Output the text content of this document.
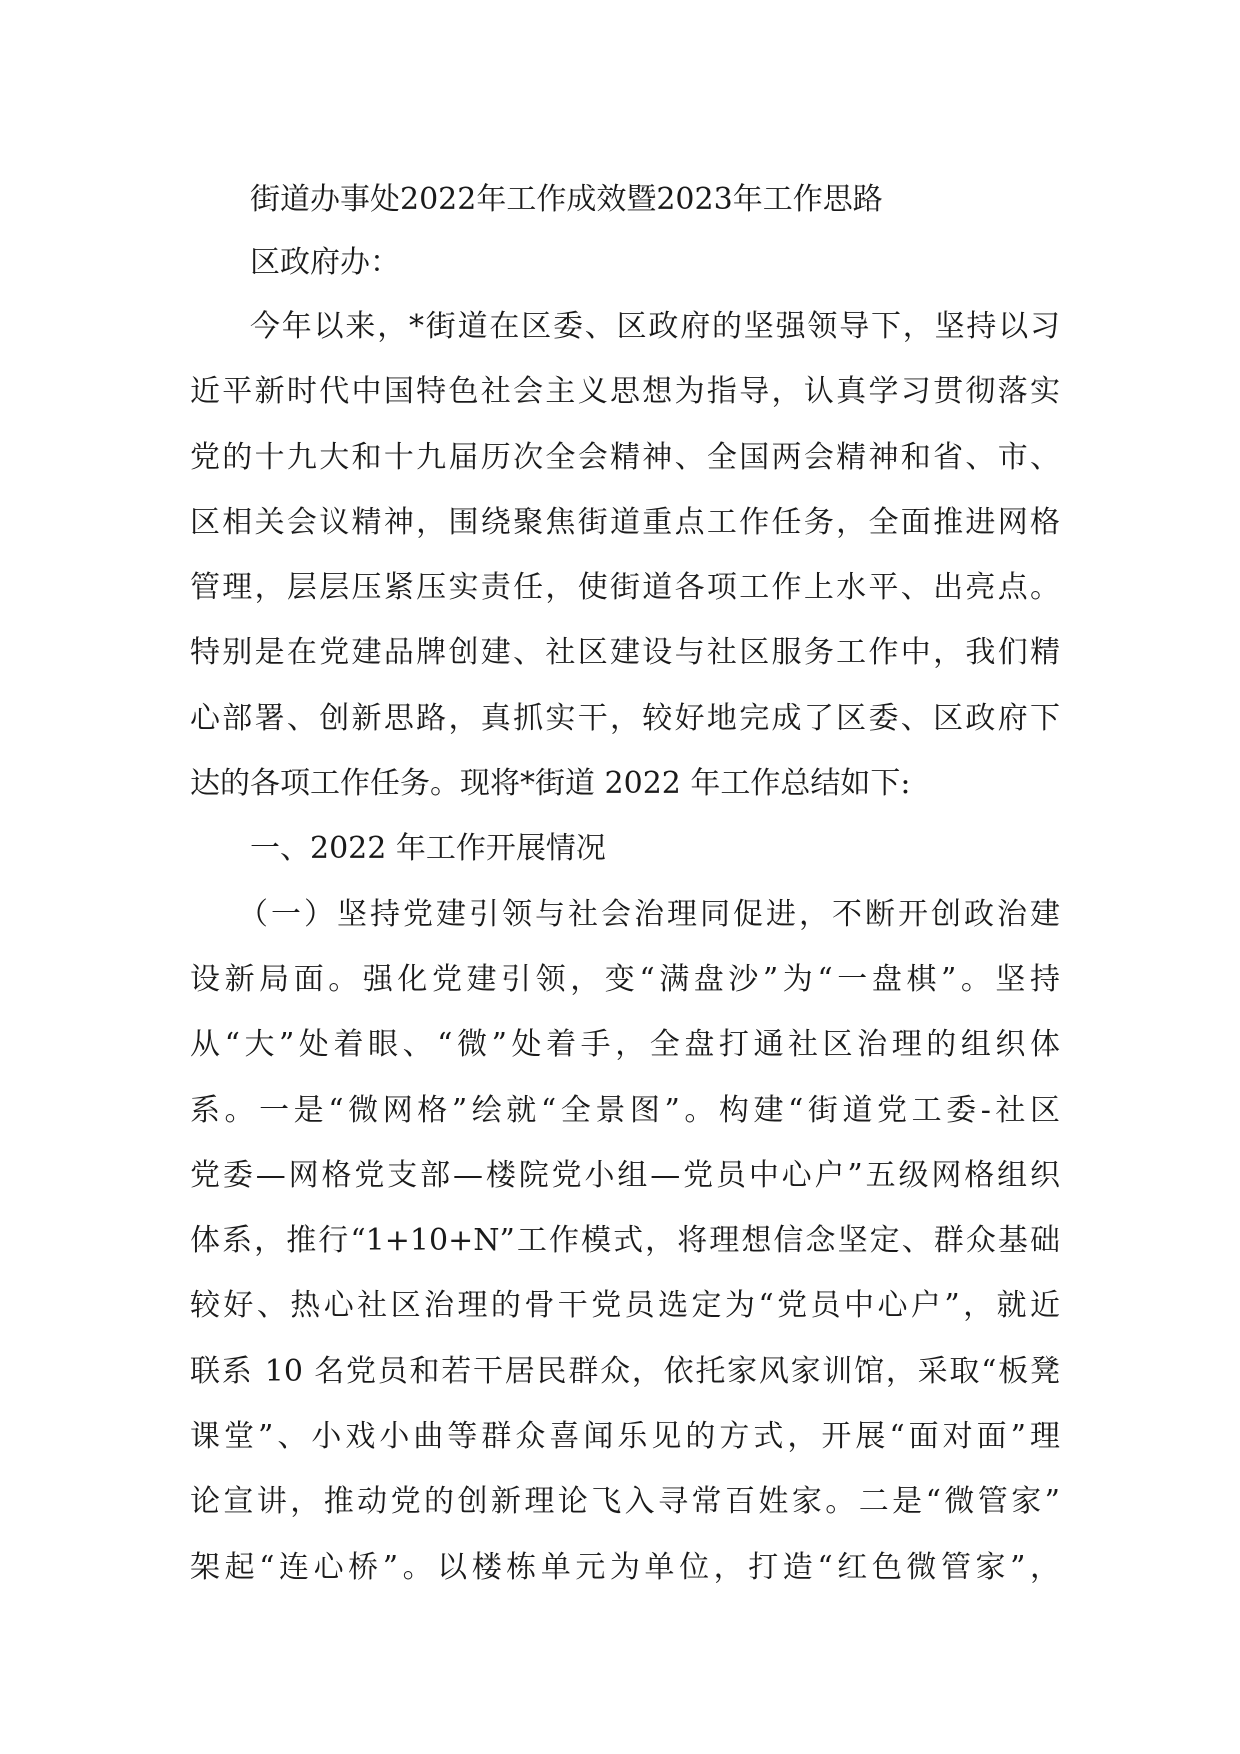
街道办事处2022年工作成效暨2023年工作思路
区政府办：
今年以来，*街道在区委、区政府的坚强领导下，坚持以习
近平新时代中国特色社会主义思想为指导，认真学习贯彻落实
党的十九大和十九届历次全会精神、全国两会精神和省、市、
区相关会议精神，围绕聚焦街道重点工作任务，全面推进网格
管理，层层压紧压实责任，使街道各项工作上水平、出亮点。
特别是在党建品牌创建、社区建设与社区服务工作中，我们精
心部署、创新思路，真抓实干，较好地完成了区委、区政府下
达的各项工作任务。现将*街道 2022 年工作总结如下:
一、2022 年工作开展情况
（一）坚持党建引领与社会治理同促进，不断开创政治建
设新局面。强化党建引领，变“满盘沙”为“一盘棋”。坚持
从“大”处着眼、“微”处着手，全盘打通社区治理的组织体
系。一是“微网格”绘就“全景图”。构建“街道党工委-社区
党委—网格党支部—楼院党小组—党员中心户”五级网格组织
体系，推行“1+10+N”工作模式，将理想信念坚定、群众基础
较好、热心社区治理的骨干党员选定为“党员中心户”，就近
联系 10 名党员和若干居民群众，依托家风家训馆，采取“板凳
课堂”、小戏小曲等群众喜闻乐见的方式，开展“面对面”理
论宣讲，推动党的创新理论飞入寻常百姓家。二是“微管家”
架起“连心桥”。以楼栋单元为单位，打造“红色微管家”，
